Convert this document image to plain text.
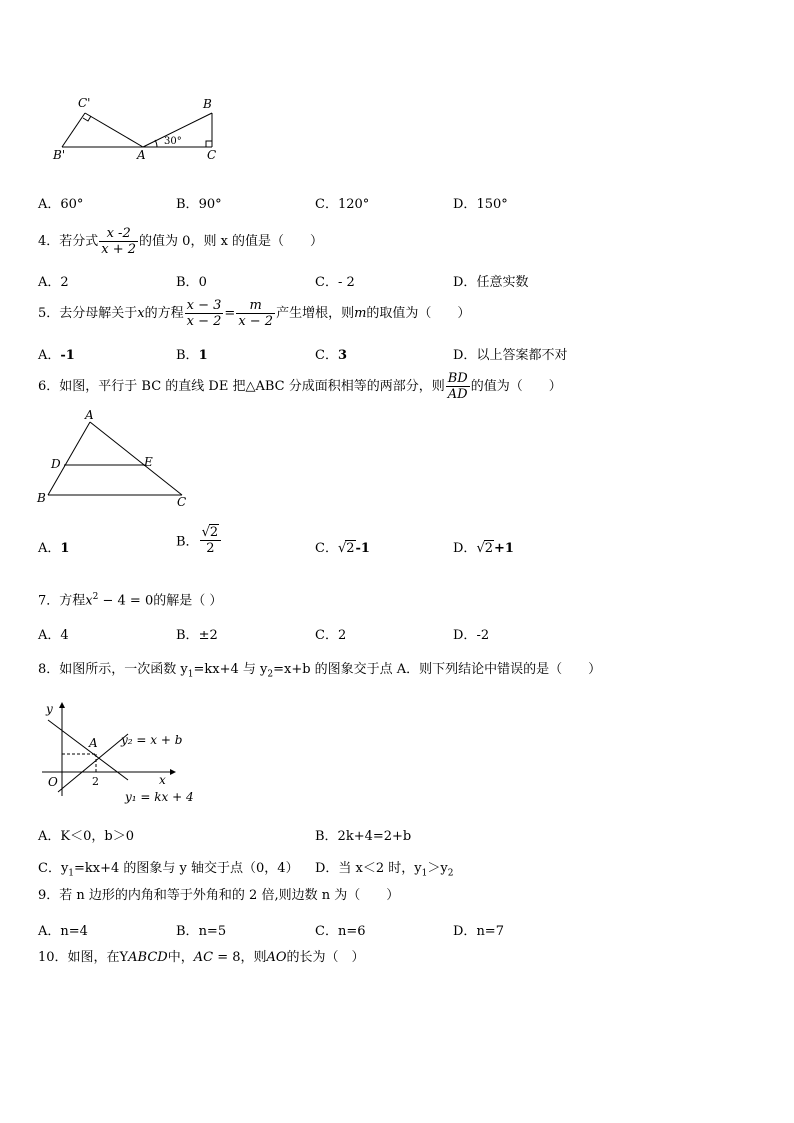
C'	B
B'	A	C
30°
A．60°	B．90°	C．120°	D．150°
4．若分式 $\frac{x -2}{x + 2}$ 的值为 0，则 x 的值是（　　）
A．2	B．0	C．- 2	D．任意实数
5．去分母解关于x的方程 $\frac{x - 3}{x - 2} = \frac{m}{x - 2}$ 产生增根，则m的取值为（　　）
A．-1	B．1	C．3	D．以上答案都不对
6．如图，平行于 BC 的直线 DE 把△ABC 分成面积相等的两部分，则 $\frac{BD}{AD}$ 的值为（　　）
A
D	E
B	C
A．1	B． $\frac{√2}{2}$	C．√2-1	D．√2+1
7．方程$x^2 - 4 = 0$的解是（ ）
A．4	B．±2	C．2	D．-2
8．如图所示，一次函数 $y_1=kx+4$ 与 $y_2=x+b$ 的图象交于点 A．则下列结论中错误的是（　　）
y
x
O
A
2
y₂ = x + b
y₁ = kx + 4
A．K＜0，b＞0	B．2k+4=2+b
C．$y_1=kx+4$ 的图象与 y 轴交于点（0，4） D．当 x＜2 时，$y_1>y_2$
9．若 n 边形的内角和等于外角和的 2 倍,则边数 n 为（　　）
A．n=4	B．n=5	C．n=6	D．n=7
10．如图，在YABCD中，AC = 8，则AO的长为（　）
